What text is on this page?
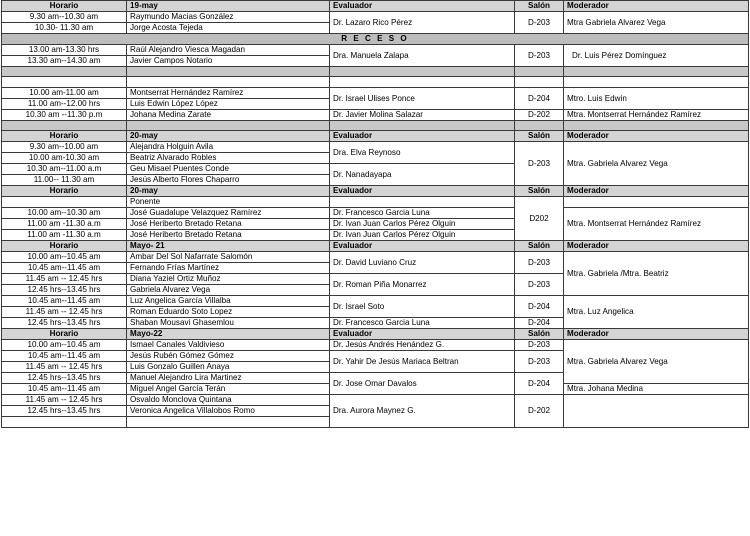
Horario	19-may	Evaluador	Salón	Moderador
9.30 am--10.30 am	Raymundo Macias González	Dr. Lazaro Rico Pérez	D-203	Mtra Gabriela Alvarez Vega
10.30- 11.30 am	Jorge Acosta Tejeda			
R E C E S O				
13.00 am-13.30 hrs	Raúl Alejandro Viesca Magadan	Dra. Manuela Zalapa	D-203	Dr. Luis Pérez Domínguez
13.30 am--14.30 am	Javier Campos Notario			

10.00 am-11.00 am	Montserrat Hernández Ramírez	Dr. Israel Ulises Ponce	D-204	Mtro. Luis Edwin
11.00 am--12.00 hrs	Luis Edwin López López			
10.30 am --11.30 p.m	Johana Medina Zarate	Dr. Javier Molina Salazar	D-202	Mtra. Montserrat Hernández Ramírez

Horario	20-may	Evaluador	Salón	Moderador
9.30 am--10.00 am	Alejandra Holguin Avila	Dra. Elva Reynoso	D-203	Mtra. Gabriela Alvarez Vega
10.00 am-10.30 am	Beatriz Alvarado Robles			
10.30 am--11.00 a.m	Geu Misael Puentes Conde	Dr. Nanadayapa		
11.00-- 11.30 am	Jesús Alberto Flores Chaparro			
Horario	20-may	Evaluador	Salón	Moderador
	Ponente		D202	
10.00 am--10.30 am	José Guadalupe Velazquez Ramírez	Dr. Francesco Garcia Luna		Mtra. Montserrat Hernández Ramírez
11.00 am -11.30 a.m	José Heriberto Bretado Retana	Dr. Ivan Juan Carlos Pérez Olguin		
11.00 am -11.30 a.m	José Heriberto Bretado Retana	Dr. Ivan Juan Carlos Pérez Olguin		
Horario	Mayo- 21	Evaluador	Salón	Moderador
10.00 am--10.45 am	Ambar Del Sol Nafarrate Salomón	Dr. David Luviano Cruz	D-203	Mtra. Gabriela /Mtra. Beatriz
10.45 am--11.45 am	Fernando Frías Martínez			
11.45 am -- 12.45 hrs	Diana Yaziel Ortiz Muñoz	Dr. Roman Piña Monarrez	D-203	
12.45 hrs--13.45 hrs	Gabriela Alvarez Vega			
10.45 am--11.45 am	Luz Angelica García Villalba	Dr. Israel Soto	D-204	Mtra. Luz Angelica
11.45 am -- 12.45 hrs	Roman Eduardo Soto Lopez			
12.45 hrs--13.45 hrs	Shaban Mousavi Ghasemlou	Dr. Francesco Garcia Luna	D-204	
Horario	Mayo-22	Evaluador	Salón	Moderador
10.00 am--10.45 am	Ismael Canales Valdivieso	Dr. Jesús Andrés Henández G.	D-203	Mtra. Gabriela Alvarez Vega
10.45 am--11.45 am	Jesús Rubén Gómez Gómez	Dr. Yahir De Jesús Mariaca Beltran	D-203	
11.45 am -- 12.45 hrs	Luis Gonzalo Guillen Anaya			
12.45 hrs--13.45 hrs	Manuel Alejandro Lira Martinez	Dr. Jose Omar Davalos	D-204	
10.45 am--11.45 am	Miguel Angel García Terán			Mtra. Johana Medina
11.45 am -- 12.45 hrs	Osvaldo Monclova Quintana	Dra. Aurora Maynez G.	D-202	
12.45 hrs--13.45 hrs	Veronica Angelica Villalobos Romo			
